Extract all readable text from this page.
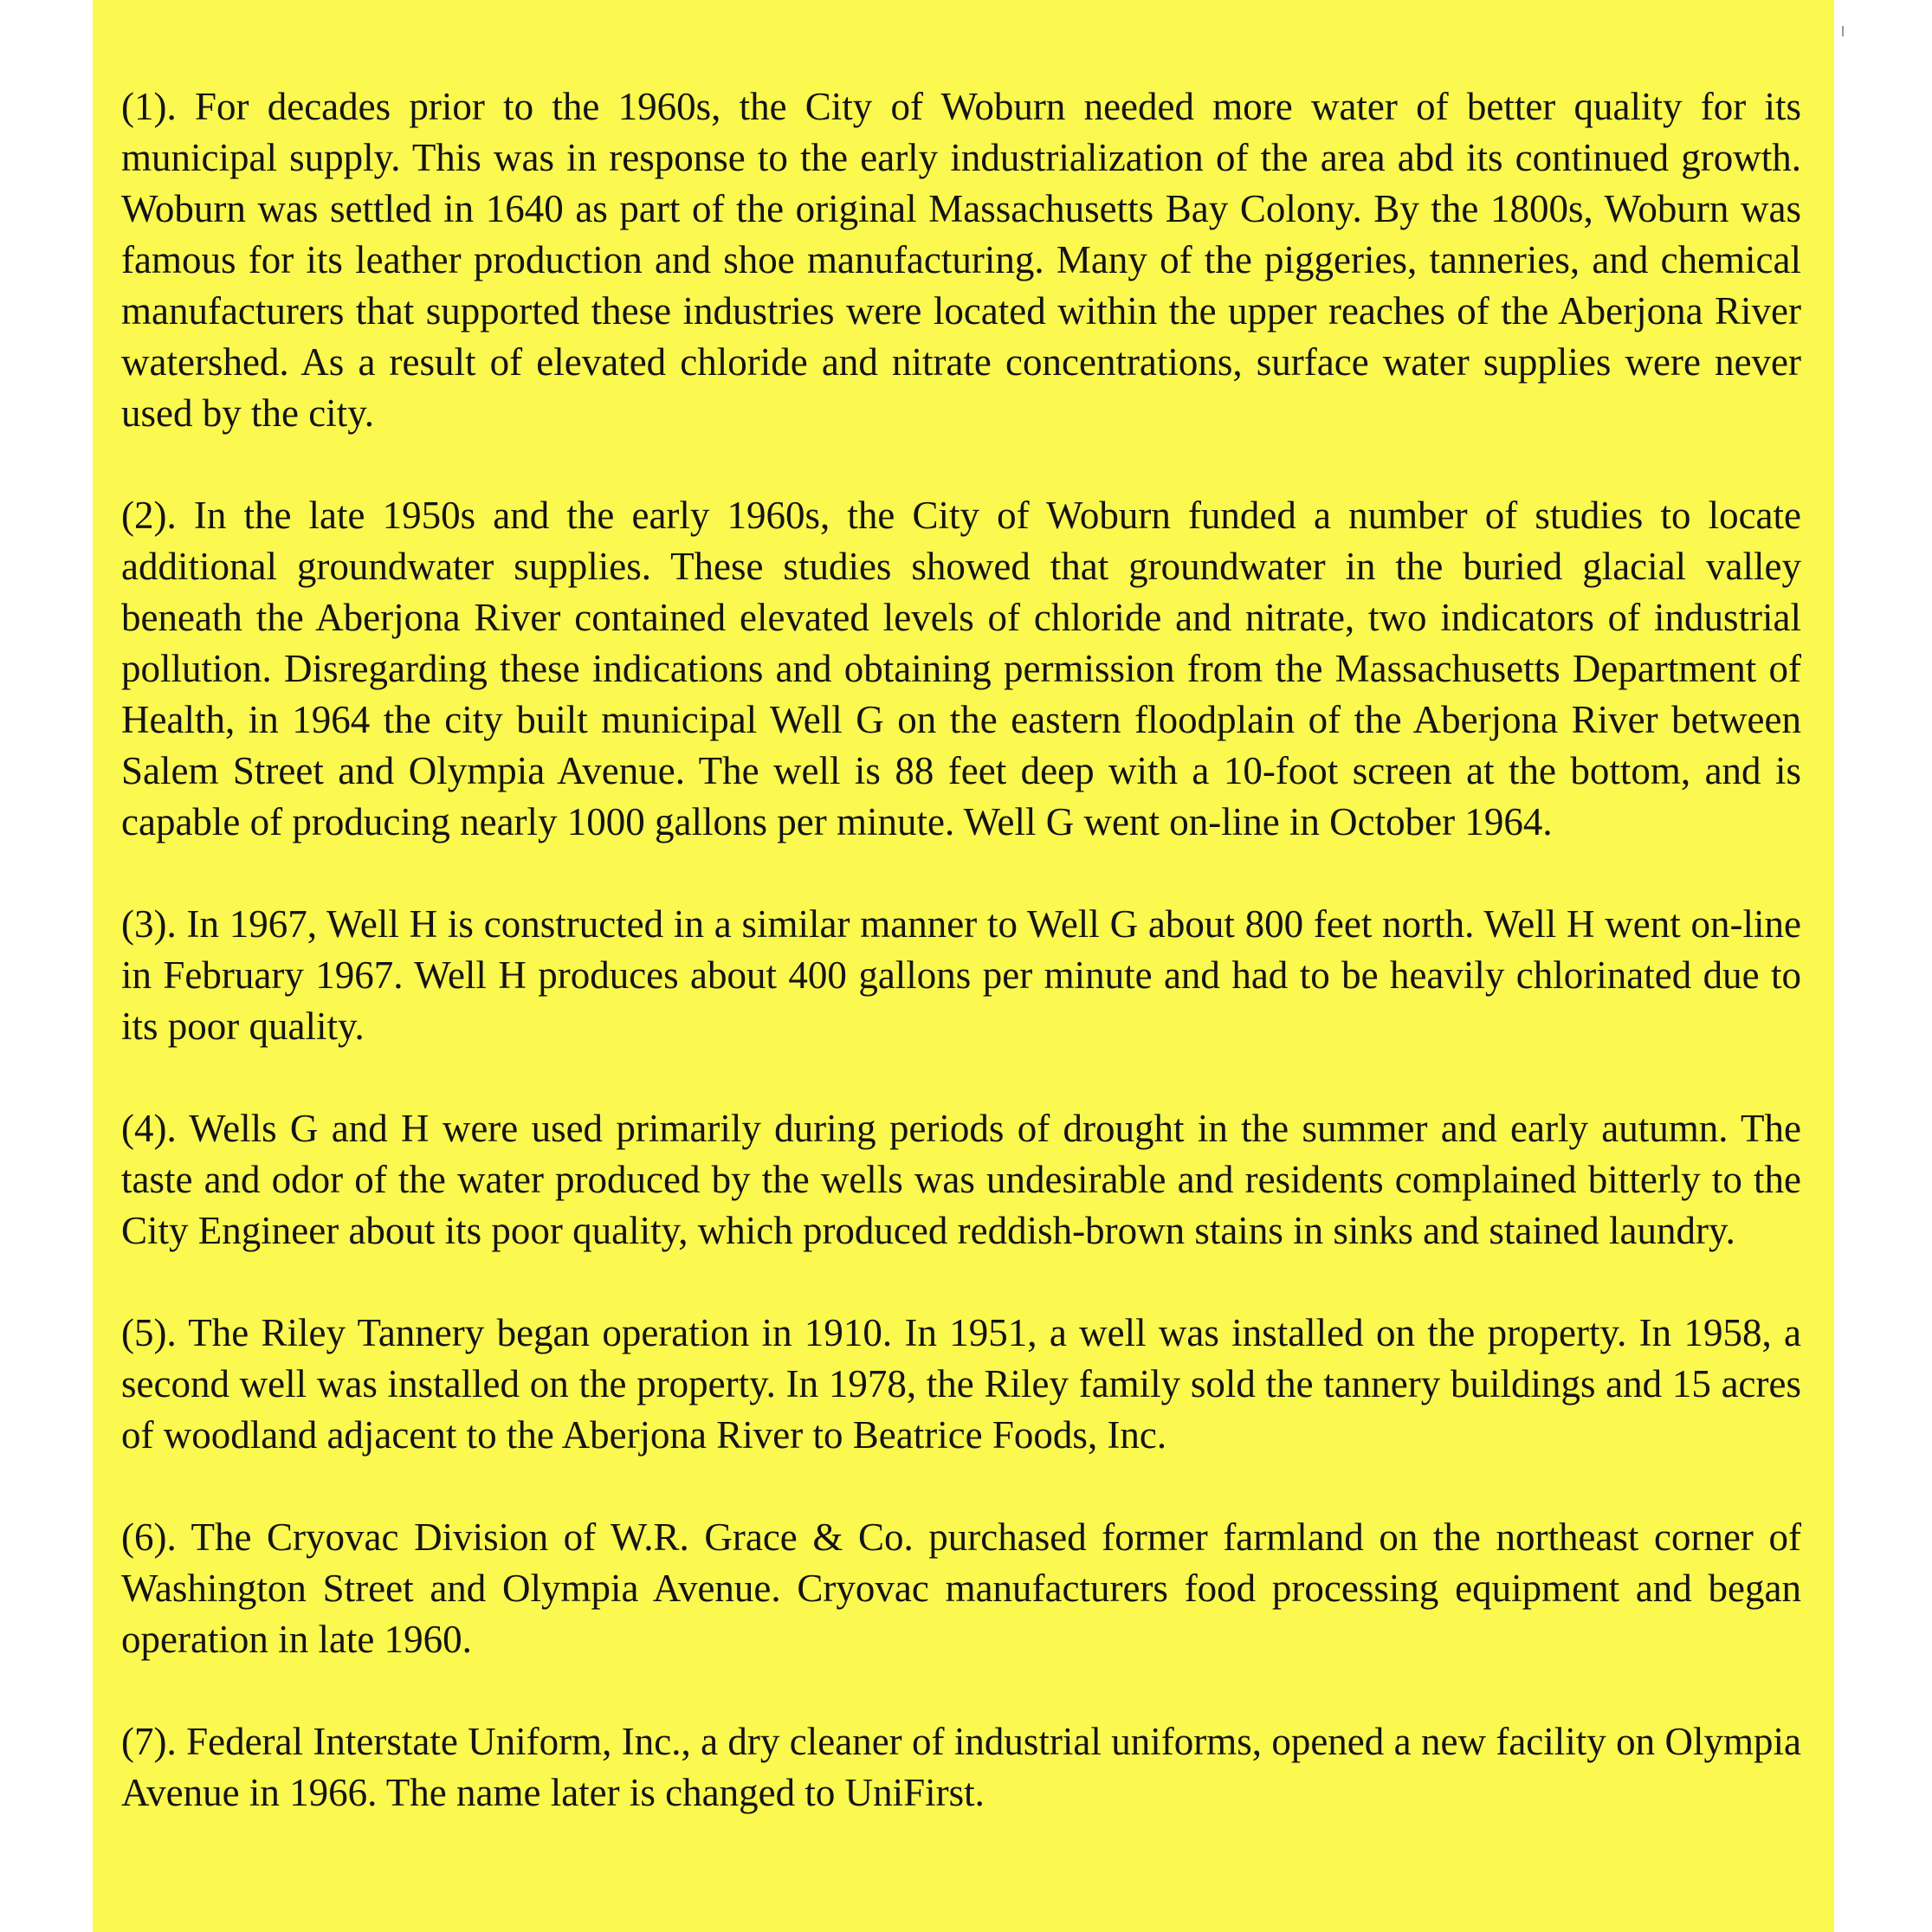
(1). For decades prior to the 1960s, the City of Woburn needed more water of better quality for its municipal supply. This was in response to the early industrialization of the area abd its continued growth. Woburn was settled in 1640 as part of the original Massachusetts Bay Colony. By the 1800s, Woburn was famous for its leather production and shoe manufacturing. Many of the piggeries, tanneries, and chemical manufacturers that supported these industries were located within the upper reaches of the Aberjona River watershed. As a result of elevated chloride and nitrate concentrations, surface water supplies were never used by the city.

(2). In the late 1950s and the early 1960s, the City of Woburn funded a number of studies to locate additional groundwater supplies. These studies showed that groundwater in the buried glacial valley beneath the Aberjona River contained elevated levels of chloride and nitrate, two indicators of industrial pollution. Disregarding these indications and obtaining permission from the Massachusetts Department of Health, in 1964 the city built municipal Well G on the eastern floodplain of the Aberjona River between Salem Street and Olympia Avenue. The well is 88 feet deep with a 10-foot screen at the bottom, and is capable of producing nearly 1000 gallons per minute. Well G went on-line in October 1964.

(3). In 1967, Well H is constructed in a similar manner to Well G about 800 feet north. Well H went on-line in February 1967. Well H produces about 400 gallons per minute and had to be heavily chlorinated due to its poor quality.

(4). Wells G and H were used primarily during periods of drought in the summer and early autumn. The taste and odor of the water produced by the wells was undesirable and residents complained bitterly to the City Engineer about its poor quality, which produced reddish-brown stains in sinks and stained laundry.

(5). The Riley Tannery began operation in 1910. In 1951, a well was installed on the property. In 1958, a second well was installed on the property. In 1978, the Riley family sold the tannery buildings and 15 acres of woodland adjacent to the Aberjona River to Beatrice Foods, Inc.

(6). The Cryovac Division of W.R. Grace & Co. purchased former farmland on the northeast corner of Washington Street and Olympia Avenue. Cryovac manufacturers food processing equipment and began operation in late 1960.

(7). Federal Interstate Uniform, Inc., a dry cleaner of industrial uniforms, opened a new facility on Olympia Avenue in 1966. The name later is changed to UniFirst.
